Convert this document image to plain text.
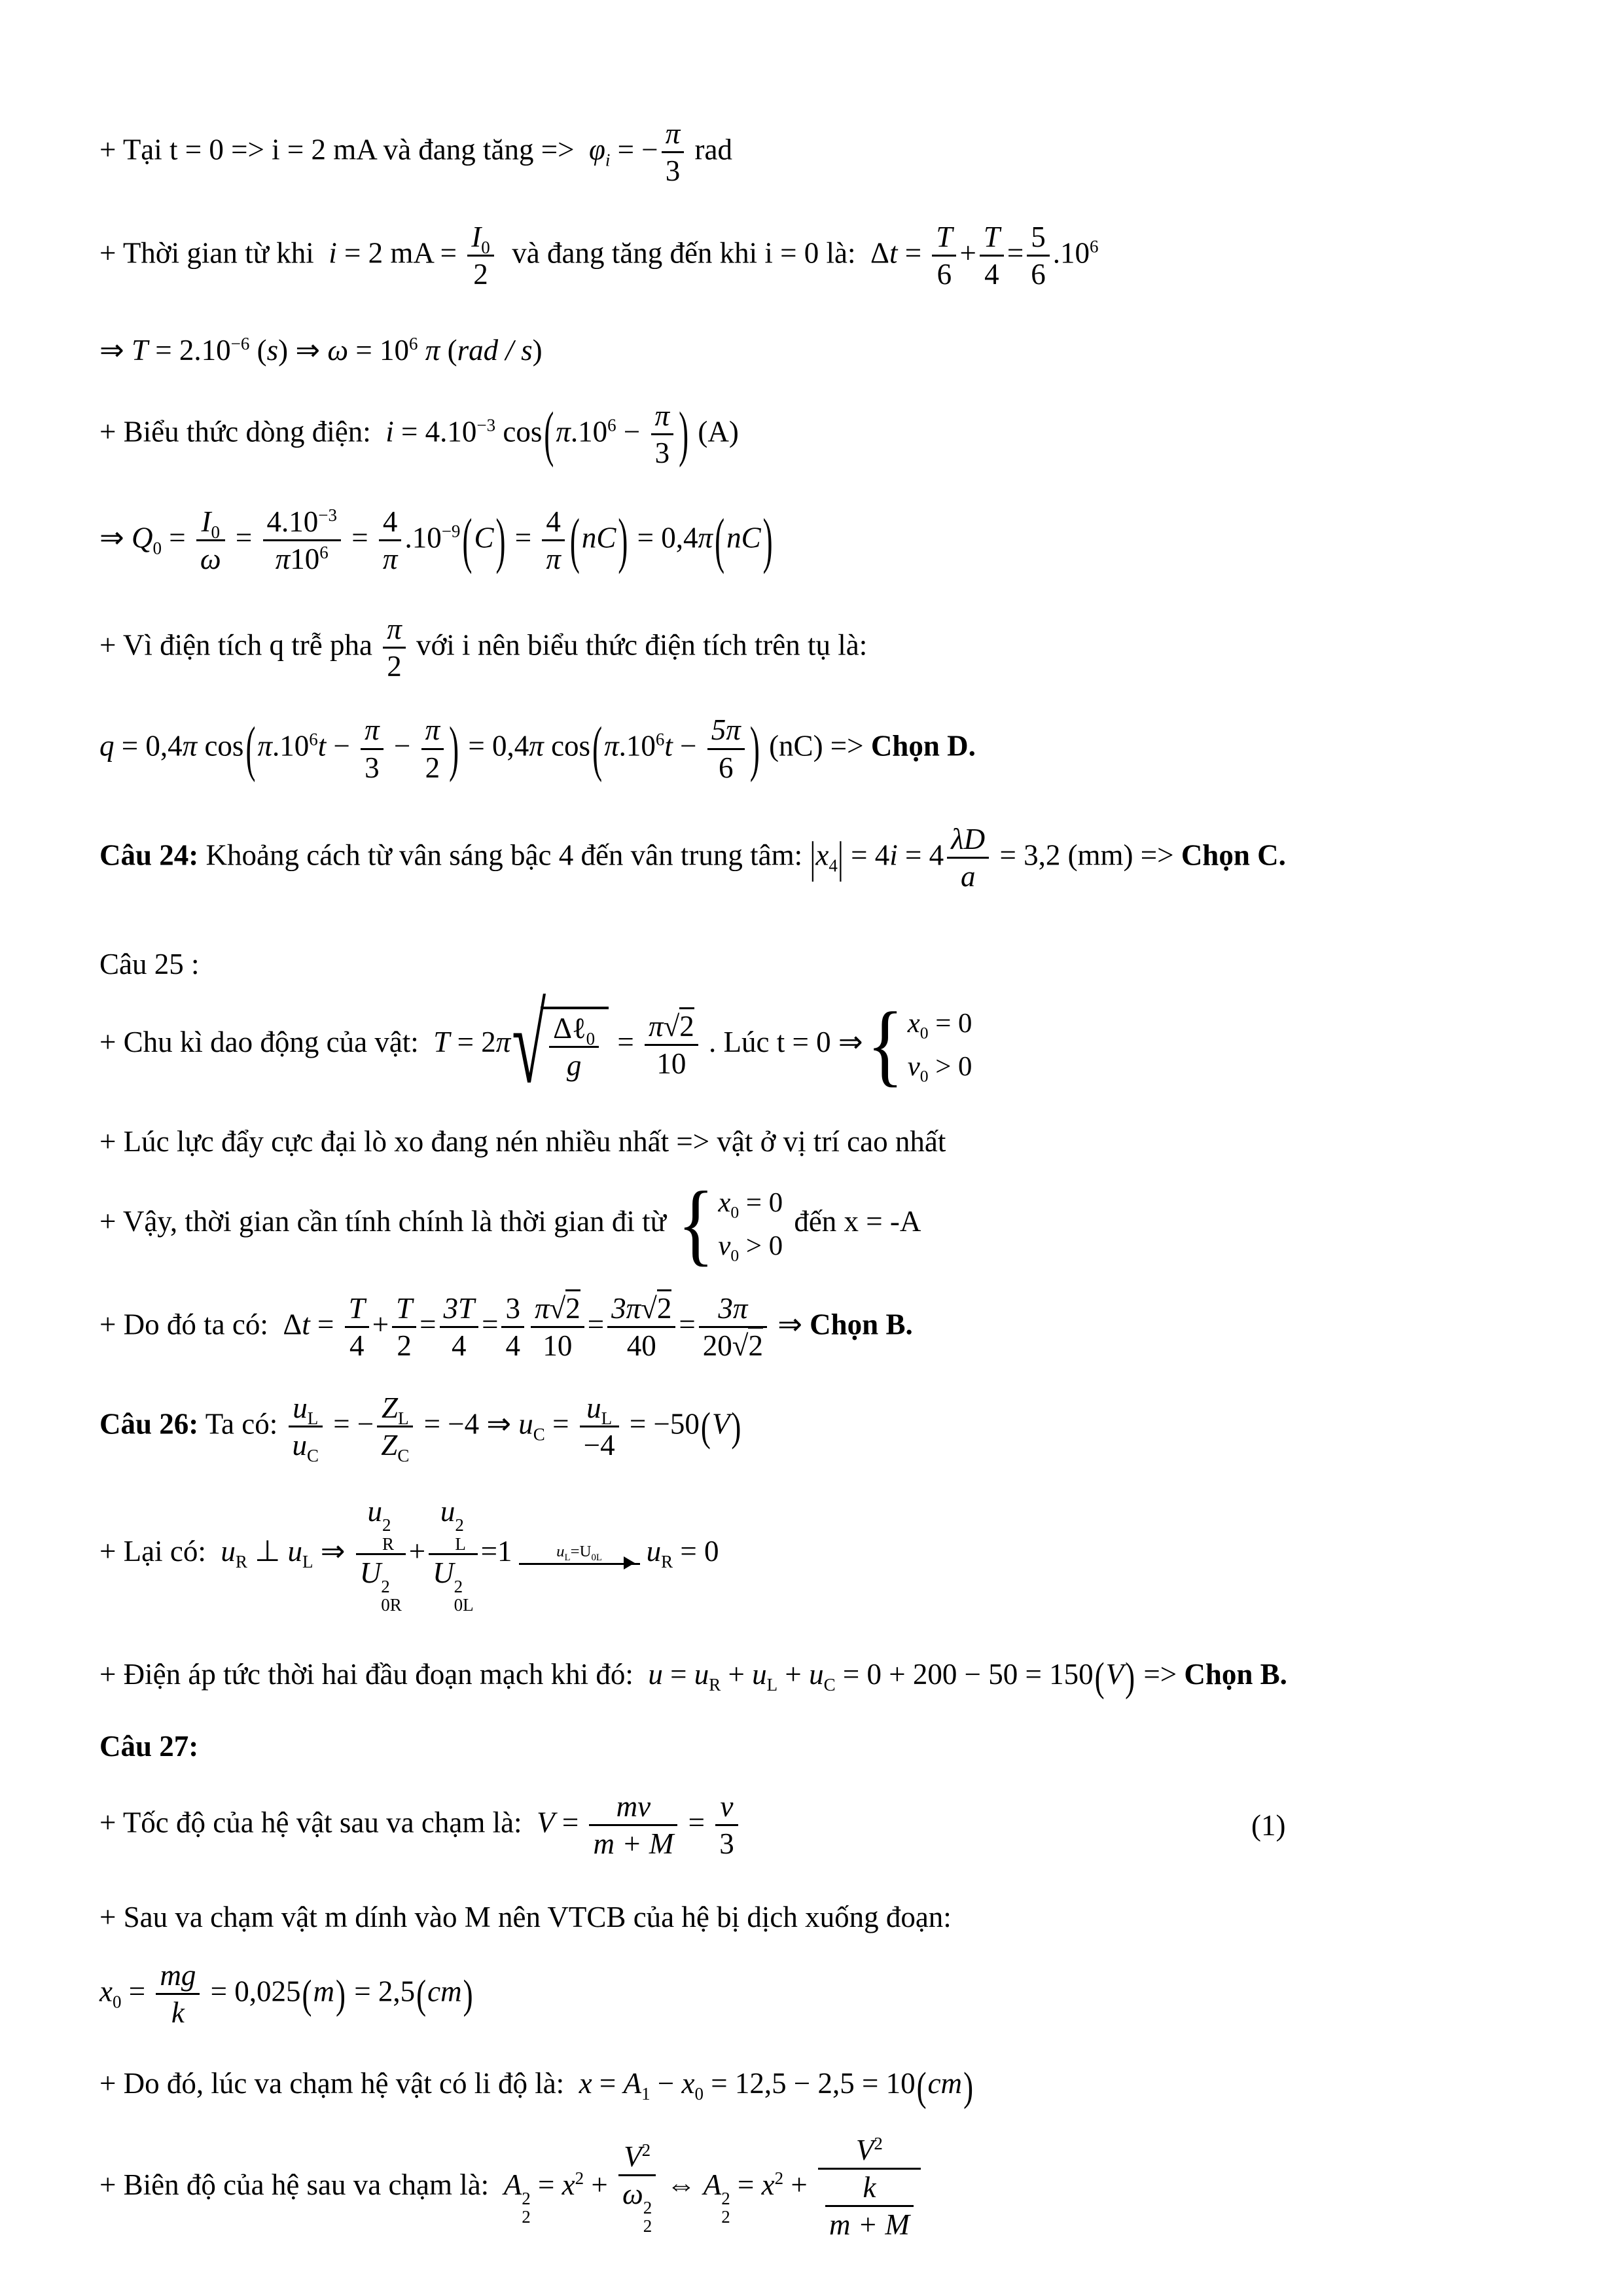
+ Tại t = 0 => i = 2 mA và đang tăng =>  $\varphi_i$ = − $\frac{\pi}{3}$ rad
+ Thời gian từ khi  i = 2 mA = $\frac{I_0}{2}$ và đang tăng đến khi i = 0 là:  $\Delta t = \frac{T}{6} + \frac{T}{4} = \frac{5}{6} .10^6$
⇒ $T = 2.10^{-6}$ (s) ⇒ $\omega = 10^6$ π (rad / s)
+ Biểu thức dòng điện:  $i = 4.10^{-3}$ $\cos(\pi.10^6 - \frac{\pi}{3}$ ) (A)
⇒ $Q_0 = \frac{I_0}{\omega} = \frac{4.10^{-3}}{\pi 10^6} = \frac{4}{\pi} .10^{-9}(C) = \frac{4}{\pi} (nC) = 0,4\pi(nC)$
+ Vì điện tích q trễ pha $\frac{\pi}{2}$ với i nên biểu thức điện tích trên tụ là:
q = 0,4π $\cos(\pi.10^6t - \frac{\pi}{3} - \frac{\pi}{2}$ ) = 0,4π $\cos(\pi.10^6t - \frac{5\pi}{6}$ ) (nC) => Chọn D.
Câu 24: Khoảng cách từ vân sáng bậc 4 đến vân trung tâm: $|x_4| = 4i = 4 \frac{\lambda D}{a} = 3,2$ (mm) => Chọn C.
Câu 25 :
+ Chu kì dao động của vật:  T = 2π √ $\frac{\Delta\ell_0}{g} = \frac{\pi√2}{10}$ . Lúc t = 0 ⇒ { $x_0 = 0$
$v_0 > 0$
+ Lúc lực đẩy cực đại lò xo đang nén nhiều nhất => vật ở vị trí cao nhất
+ Vậy, thời gian cần tính chính là thời gian đi từ { $x_0 = 0$
$v_0 > 0$
đến x = -A
+ Do đó ta có:  $\Delta t = \frac{T}{4} + \frac{T}{2} = \frac{3T}{4} = \frac{3}{4} \frac{\pi√2}{10} = \frac{3\pi√2}{40} = \frac{3\pi}{20√2}$ ⇒ Chọn B.
Câu 26: Ta có: $\frac{u_L}{u_C}$ = − $\frac{Z_L}{Z_C} = -4$ ⇒ $u_C = \frac{u_L}{-4} = -50(V)$
+ Lại có:  $u_R$ ⊥ $u_L$ ⇒ u 2
R
U 2
0R + u 2
L
U 2
0L =1	$u_L=U_{0L}$ $u_R = 0$
+ Điện áp tức thời hai đầu đoạn mạch khi đó:  $u = u_R + u_L + u_C = 0 + 200 - 50 = 150(V)$ => Chọn B.
Câu 27:
+ Tốc độ của hệ vật sau va chạm là:  $V = \frac{mv}{m + M} = \frac{v}{3}$	(1)
+ Sau va chạm vật m dính vào M nên VTCB của hệ bị dịch xuống đoạn:
$x_0 = \frac{mg}{k} = 0,025(m) = 2,5(cm)$
+ Do đó, lúc va chạm hệ vật có li độ là:  $x = A_1 - x_0 = 12,5 - 2,5 = 10(cm)$
+ Biên độ của hệ sau va chạm là:  A 2
2
= $x^2 + V^2$
ω 2
2 ⇔ A 2
2
= $x^2 + \frac{V^2}{\frac{k}{m + M}}$
